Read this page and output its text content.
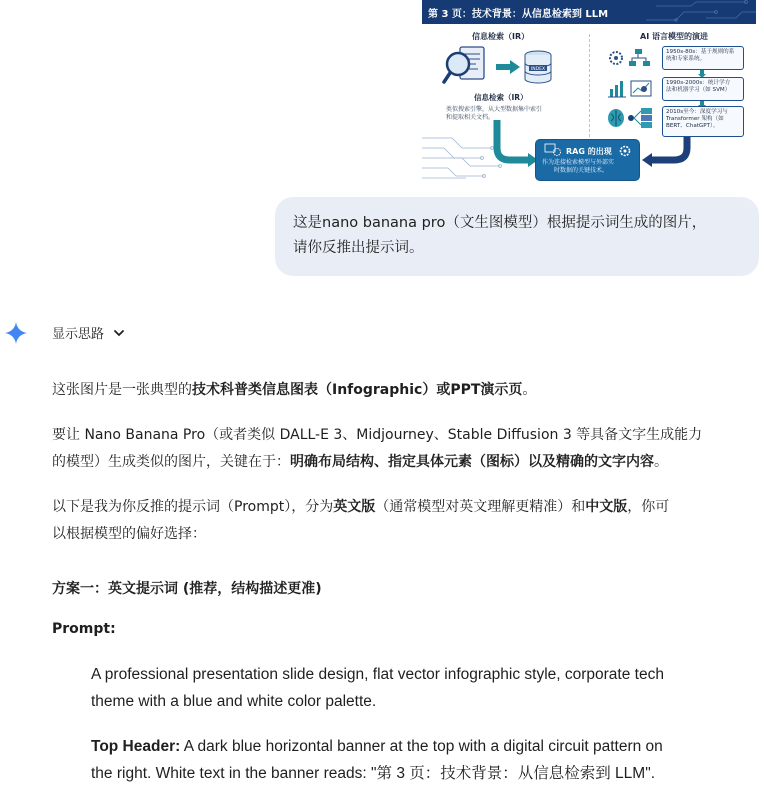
第 3 页：技术背景：从信息检索到 LLM
信息检索（IR）
INDEX
信息检索（IR）
类似搜索引擎，从大型数据集中索引
和提取相关文档。
AI 语言模型的演进
1950s-80s：基于规则的系
统和专家系统。
1990s-2000s：统计学方
法和机器学习（如 SVM）
2010s至今：深度学习与
Transformer 架构（如
BERT、ChatGPT）。
RAG 的出现
作为连接检索模型与外部实
时数据的关键技术。

这是nano banana pro（文生图模型）根据提示词生成的图片，

请你反推出提示词。

显示思路
这张图片是一张典型的技术科普类信息图表（Infographic）或PPT演示页。
要让 Nano Banana Pro（或者类似 DALL-E 3、Midjourney、Stable Diffusion 3 等具备文字生成能力
的模型）生成类似的图片，关键在于：明确布局结构、指定具体元素（图标）以及精确的文字内容。
以下是我为你反推的提示词（Prompt），分为英文版（通常模型对英文理解更精准）和中文版，你可
以根据模型的偏好选择：
方案一：英文提示词 (推荐，结构描述更准)
Prompt:
A professional presentation slide design, flat vector infographic style, corporate tech
theme with a blue and white color palette.
Top Header: A dark blue horizontal banner at the top with a digital circuit pattern on
the right. White text in the banner reads: "第 3 页：技术背景：从信息检索到 LLM".
